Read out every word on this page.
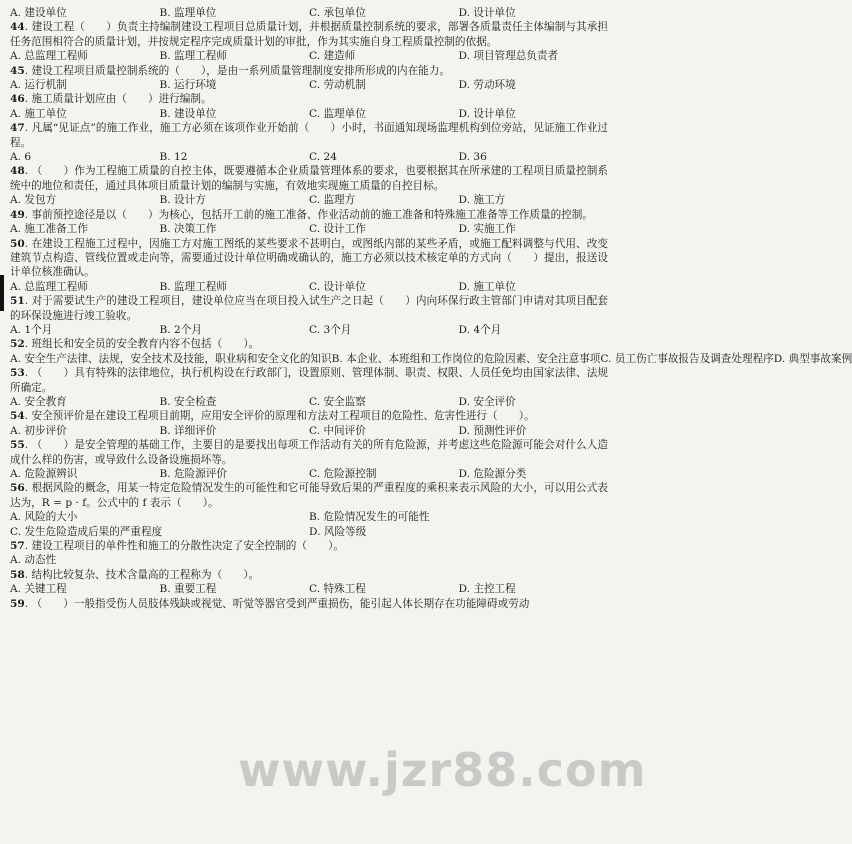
A. 建设单位	B. 监理单位	C. 承包单位	D. 设计单位
44. 建设工程（　　）负责主持编制建设工程项目总质量计划，并根据质量控制系统的要求，部署各质量责任主体编制与其承担任务范围相符合的质量计划，并按规定程序完成质量计划的审批，作为其实施自身工程质量控制的依据。
A. 总监理工程师	B. 监理工程师	C. 建造师	D. 项目管理总负责者
45. 建设工程项目质量控制系统的（　　），是由一系列质量管理制度安排所形成的内在能力。
A. 运行机制	B. 运行环境	C. 劳动机制	D. 劳动环境
46. 施工质量计划应由（　　）进行编制。
A. 施工单位	B. 建设单位	C. 监理单位	D. 设计单位
47. 凡属“见证点”的施工作业，施工方必须在该项作业开始前（　　）小时，书面通知现场监理机构到位旁站，见证施工作业过程。
A. 6	B. 12	C. 24	D. 36
48. （　　）作为工程施工质量的自控主体，既要遵循本企业质量管理体系的要求，也要根据其在所承建的工程项目质量控制系统中的地位和责任，通过具体项目质量计划的编制与实施，有效地实现施工质量的自控目标。
A. 发包方	B. 设计方	C. 监理方	D. 施工方
49. 事前预控途径是以（　　）为核心，包括开工前的施工准备、作业活动前的施工准备和特殊施工准备等工作质量的控制。
A. 施工准备工作	B. 决策工作	C. 设计工作	D. 实施工作
50. 在建设工程施工过程中，因施工方对施工图纸的某些要求不甚明白，或图纸内部的某些矛盾，或施工配料调整与代用、改变建筑节点构造、管线位置或走向等，需要通过设计单位明确或确认的，施工方必须以技术核定单的方式向（　　）提出，报送设计单位核准确认。
A. 总监理工程师	B. 监理工程师	C. 设计单位	D. 施工单位
51. 对于需要试生产的建设工程项目，建设单位应当在项目投入试生产之日起（　　）内向环保行政主管部门申请对其项目配套的环保设施进行竣工验收。
A. 1个月	B. 2个月	C. 3个月	D. 4个月
52. 班组长和安全员的安全教育内容不包括（　　）。
A. 安全生产法律、法规，安全技术及技能，职业病和安全文化的知识 B. 本企业、本班组和工作岗位的危险因素、安全注意事项 C. 员工伤亡事故报告及调查处理程序 D. 典型事故案例
53. （　　）具有特殊的法律地位，执行机构设在行政部门，设置原则、管理体制、职责、权限、人员任免均由国家法律、法规所确定。
A. 安全教育	B. 安全检查	C. 安全监察	D. 安全评价
54. 安全预评价是在建设工程项目前期，应用安全评价的原理和方法对工程项目的危险性、危害性进行（　　）。
A. 初步评价	B. 详细评价	C. 中间评价	D. 预测性评价
55. （　　）是安全管理的基础工作，主要目的是要找出每项工作活动有关的所有危险源，并考虑这些危险源可能会对什么人造成什么样的伤害，或导致什么设备设施损坏等。
A. 危险源辨识	B. 危险源评价	C. 危险源控制	D. 危险源分类
56. 根据风险的概念，用某一特定危险情况发生的可能性和它可能导致后果的严重程度的乘积来表示风险的大小，可以用公式表达为，R = p · f。公式中的 f 表示（　　）。
A. 风险的大小	B. 危险情况发生的可能性
C. 发生危险造成后果的严重程度	D. 风险等级
57. 建设工程项目的单件性和施工的分散性决定了安全控制的（　　）。
A. 动态性
58. 结构比较复杂、技术含量高的工程称为（　　）。
A. 关键工程	B. 重要工程	C. 特殊工程	D. 主控工程
59. （　　）一般指受伤人员肢体残缺或视觉、听觉等器官受到严重损伤，能引起人体长期存在功能障碍或劳动
www.jzr88.com
